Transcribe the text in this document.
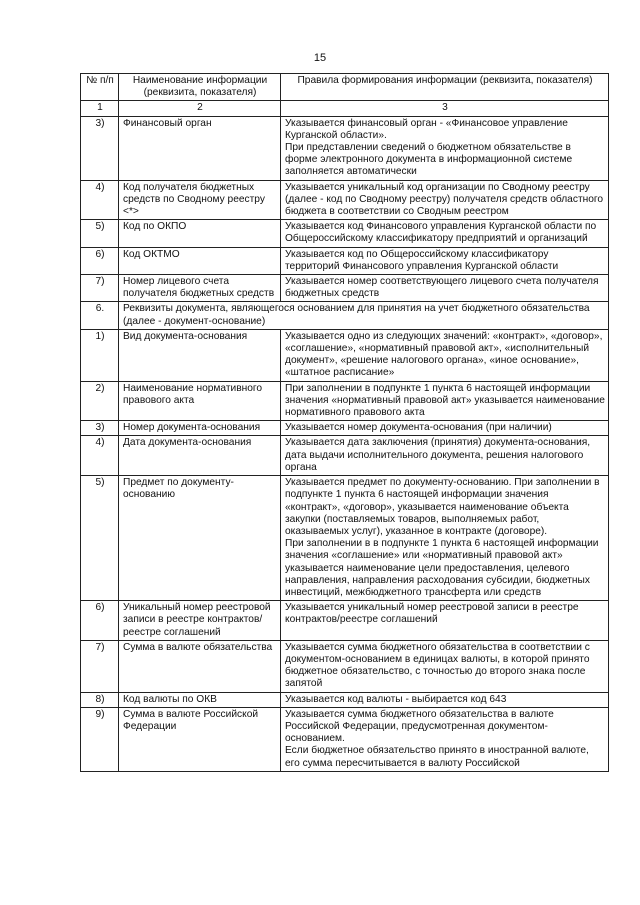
15
№ п/п	Наименование информации (реквизита, показателя)	Правила формирования информации (реквизита, показателя)
1	2	3
3)	Финансовый орган	Указывается финансовый орган - «Финансовое управление Курганской области».
При представлении сведений о бюджетном обязательстве в форме электронного документа в информационной системе заполняется автоматически

4)	Код получателя бюджетных средств по Сводному реестру <*>	Указывается уникальный код организации по Сводному реестру (далее - код по Сводному реестру) получателя средств областного бюджета в соответствии со Сводным реестром

5)	Код по ОКПО	Указывается код Финансового управления Курганской области по Общероссийскому классификатору предприятий и организаций

6)	Код ОКТМО	Указывается код по Общероссийскому классификатору территорий Финансового управления Курганской области

7)	Номер лицевого счета получателя бюджетных средств	Указывается номер соответствующего лицевого счета получателя бюджетных средств

6.	Реквизиты документа, являющегося основанием для принятия на учет бюджетного обязательства (далее - документ-основание)	
1)	Вид документа-основания	Указывается одно из следующих значений: «контракт», «договор», «соглашение», «нормативный правовой акт», «исполнительный документ», «решение налогового органа», «иное основание», «штатное расписание»

2)	Наименование нормативного правового акта	При заполнении в подпункте 1 пункта 6 настоящей информации значения «нормативный правовой акт» указывается наименование нормативного правового акта

3)	Номер документа-основания	Указывается номер документа-основания (при наличии)

4)	Дата документа-основания	Указывается дата заключения (принятия) документа-основания, дата выдачи исполнительного документа, решения налогового органа

5)	Предмет по документу-основанию	Указывается предмет по документу-основанию. При заполнении в подпункте 1 пункта 6 настоящей информации значения «контракт», «договор», указывается наименование объекта закупки (поставляемых товаров, выполняемых работ, оказываемых услуг), указанное в контракте (договоре).
При заполнении в в подпункте 1 пункта 6 настоящей информации значения «соглашение» или «нормативный правовой акт» указывается наименование цели предоставления, целевого направления, направления расходования субсидии, бюджетных инвестиций, межбюджетного трансферта или средств

6)	Уникальный номер реестровой записи в реестре контрактов/реестре соглашений	Указывается уникальный номер реестровой записи в реестре контрактов/реестре соглашений

7)	Сумма в валюте обязательства	Указывается сумма бюджетного обязательства в соответствии с документом-основанием в единицах валюты, в которой принято бюджетное обязательство, с точностью до второго знака после запятой

8)	Код валюты по ОКВ	Указывается код валюты - выбирается код 643

9)	Сумма в валюте Российской Федерации	Указывается сумма бюджетного обязательства в валюте Российской Федерации, предусмотренная документом-основанием.
Если бюджетное обязательство принято в иностранной валюте, его сумма пересчитывается в валюту Российской
